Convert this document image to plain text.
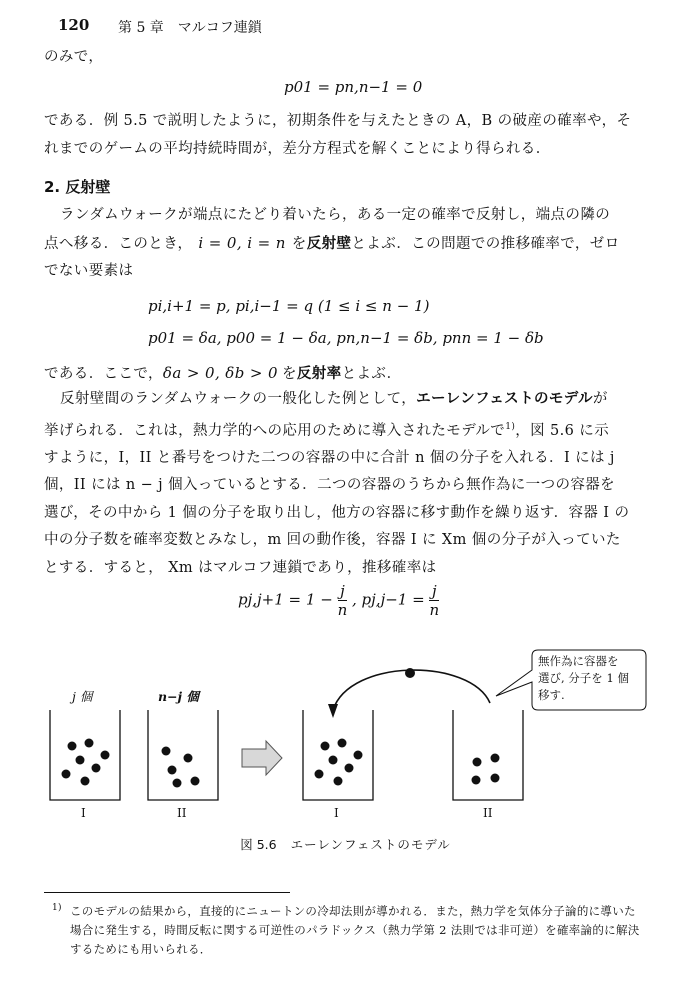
120 第 5 章　マルコフ連鎖
のみで，
p01 = pn,n−1 = 0
である．例 5.5 で説明したように，初期条件を与えたときの A，B の破産の確率や，そ
れまでのゲームの平均持続時間が，差分方程式を解くことにより得られる．
2. 反射壁
ランダムウォークが端点にたどり着いたら，ある一定の確率で反射し，端点の隣の
点へ移る．このとき， i = 0, i = n を反射壁とよぶ．この問題での推移確率で，ゼロ
でない要素は
pi,i+1 = p, pi,i−1 = q (1 ≤ i ≤ n − 1)
p01 = δa, p00 = 1 − δa, pn,n−1 = δb, pnn = 1 − δb
である．ここで，δa > 0, δb > 0 を反射率とよぶ．
反射壁間のランダムウォークの一般化した例として，エーレンフェストのモデルが
挙げられる．これは，熱力学的への応用のために導入されたモデルで$^{1)}$，図 5.6 に示
すように，I，II と番号をつけた二つの容器の中に合計 n 個の分子を入れる．I には j
個，II には n − j 個入っているとする．二つの容器のうちから無作為に一つの容器を
選び，その中から 1 個の分子を取り出し，他方の容器に移す動作を繰り返す．容器 I の
中の分子数を確率変数とみなし，m 回の動作後，容器 I に Xm 個の分子が入っていた
とする．すると， Xm はマルコフ連鎖であり，推移確率は
$pj,j+1 = 1 - \frac{j}{n}$ , $pj,j-1 = \frac{j}{n}$
j 個	n−j 個
I	II	I	II
無作為に容器を
選び, 分子を 1 個
移す.
図 5.6 エーレンフェストのモデル
1) このモデルの結果から，直接的にニュートンの冷却法則が導かれる．また，熱力学を気体分子論的に導いた
場合に発生する，時間反転に関する可逆性のパラドックス（熱力学第 2 法則では非可逆）を確率論的に解決
するためにも用いられる．
